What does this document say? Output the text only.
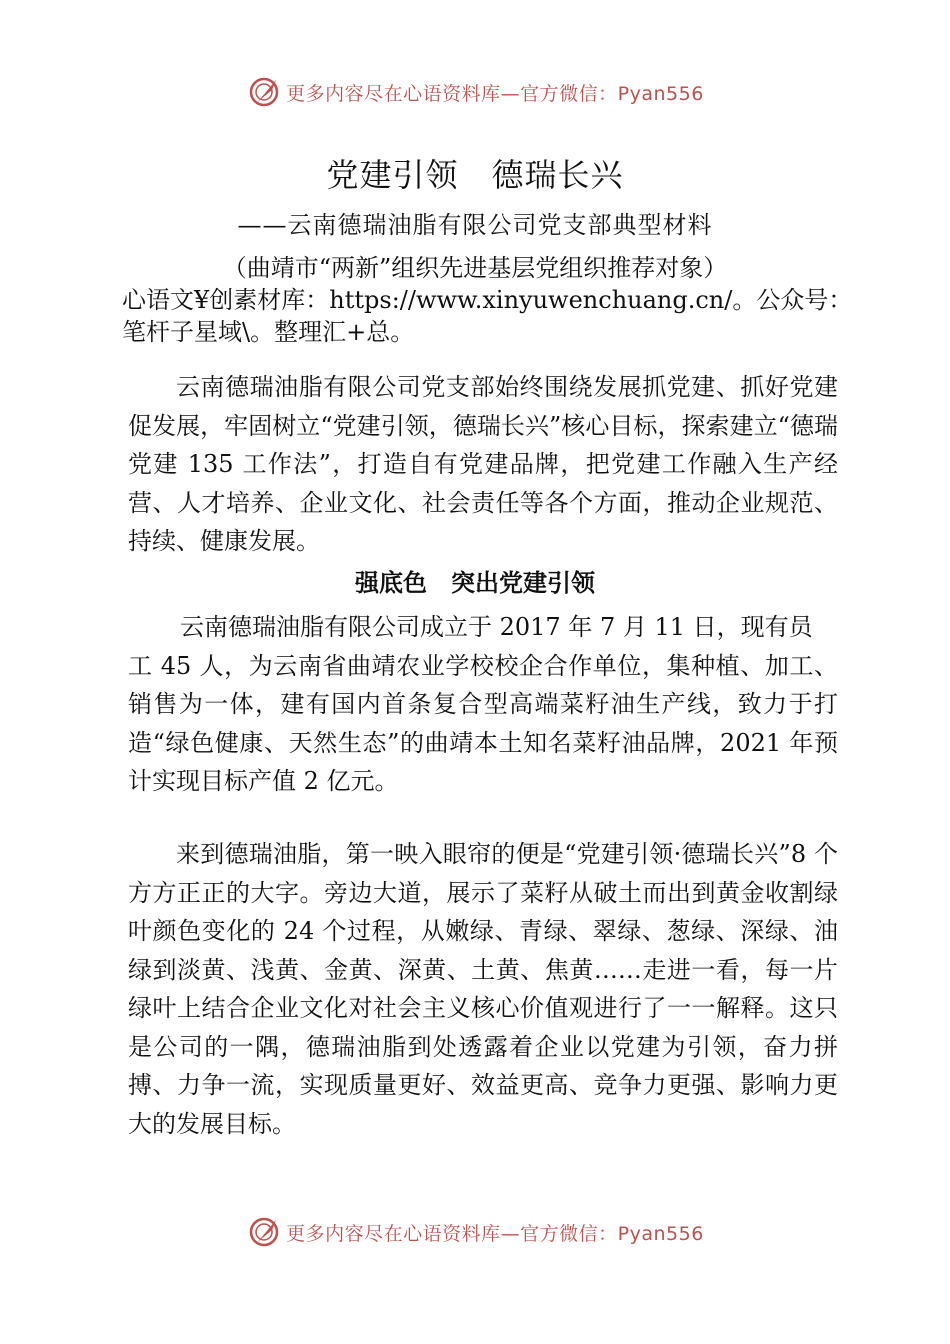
更多内容尽在心语资料库—官方微信：Pyan556
党建引领　德瑞长兴
——云南德瑞油脂有限公司党支部典型材料
（曲靖市“两新”组织先进基层党组织推荐对象）
心语文¥创素材库：https://www.xinyuwenchuang.cn/。公众号：笔杆子星域\。整理汇+总。
云南德瑞油脂有限公司党支部始终围绕发展抓党建、抓好党建促发展，牢固树立“党建引领，德瑞长兴”核心目标，探索建立“德瑞党建 135 工作法”，打造自有党建品牌，把党建工作融入生产经营、人才培养、企业文化、社会责任等各个方面，推动企业规范、持续、健康发展。
强底色　突出党建引领
云南德瑞油脂有限公司成立于 2017 年 7 月 11 日，现有员
工 45 人，为云南省曲靖农业学校校企合作单位，集种植、加工、销售为一体，建有国内首条复合型高端菜籽油生产线，致力于打造“绿色健康、天然生态”的曲靖本土知名菜籽油品牌，2021 年预计实现目标产值 2 亿元。
来到德瑞油脂，第一映入眼帘的便是“党建引领·德瑞长兴”8 个方方正正的大字。旁边大道，展示了菜籽从破土而出到黄金收割绿叶颜色变化的 24 个过程，从嫩绿、青绿、翠绿、葱绿、深绿、油绿到淡黄、浅黄、金黄、深黄、土黄、焦黄……走进一看，每一片绿叶上结合企业文化对社会主义核心价值观进行了一一解释。这只是公司的一隅，德瑞油脂到处透露着企业以党建为引领，奋力拼搏、力争一流，实现质量更好、效益更高、竞争力更强、影响力更大的发展目标。
更多内容尽在心语资料库—官方微信：Pyan556
